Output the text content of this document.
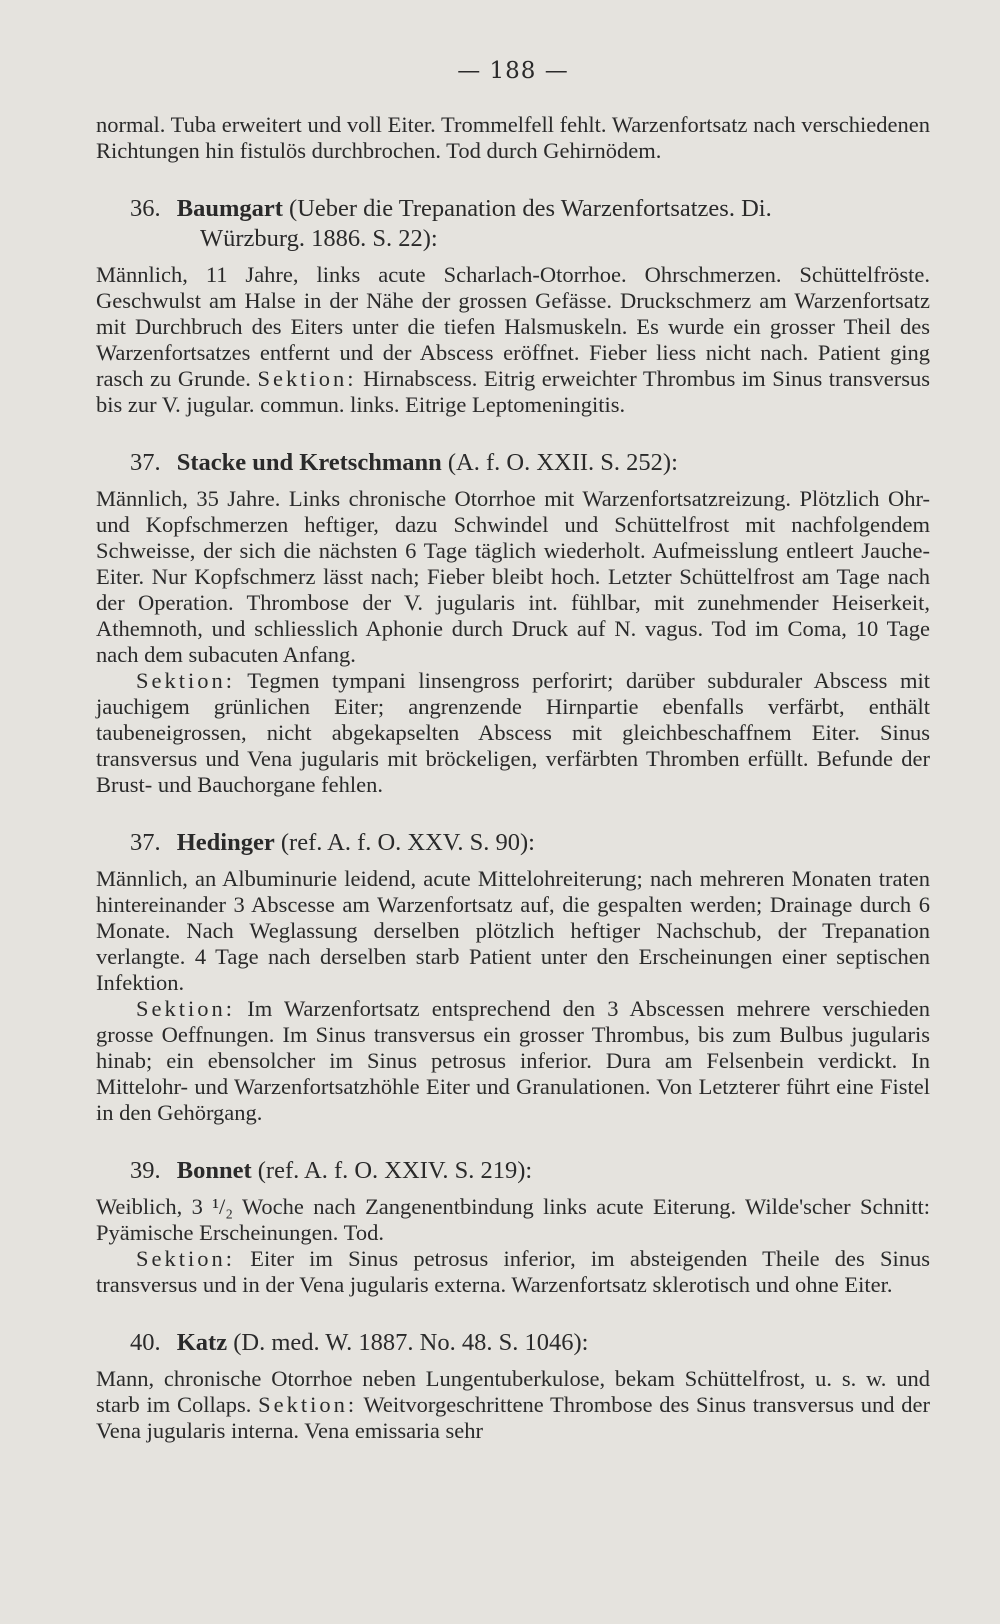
— 188 —

normal. Tuba erweitert und voll Eiter. Trommelfell fehlt. Warzenfortsatz nach verschiedenen Richtungen hin fistulös durchbrochen. Tod durch Gehirnödem.

36. Baumgart (Ueber die Trepanation des Warzenfortsatzes. Di.
Würzburg. 1886. S. 22):

Männlich, 11 Jahre, links acute Scharlach-Otorrhoe. Ohrschmerzen. Schüttelfröste. Geschwulst am Halse in der Nähe der grossen Gefässe. Druckschmerz am Warzenfortsatz mit Durchbruch des Eiters unter die tiefen Halsmuskeln. Es wurde ein grosser Theil des Warzenfortsatzes entfernt und der Abscess eröffnet. Fieber liess nicht nach. Patient ging rasch zu Grunde. Sektion: Hirnabscess. Eitrig erweichter Thrombus im Sinus transversus bis zur V. jugular. commun. links. Eitrige Leptomeningitis.

37. Stacke und Kretschmann (A. f. O. XXII. S. 252):

Männlich, 35 Jahre. Links chronische Otorrhoe mit Warzenfortsatzreizung. Plötzlich Ohr- und Kopfschmerzen heftiger, dazu Schwindel und Schüttelfrost mit nachfolgendem Schweisse, der sich die nächsten 6 Tage täglich wiederholt. Aufmeisslung entleert Jauche-Eiter. Nur Kopfschmerz lässt nach; Fieber bleibt hoch. Letzter Schüttelfrost am Tage nach der Operation. Thrombose der V. jugularis int. fühlbar, mit zunehmender Heiserkeit, Athemnoth, und schliesslich Aphonie durch Druck auf N. vagus. Tod im Coma, 10 Tage nach dem subacuten Anfang.

Sektion: Tegmen tympani linsengross perforirt; darüber subduraler Abscess mit jauchigem grünlichen Eiter; angrenzende Hirnpartie ebenfalls verfärbt, enthält taubeneigrossen, nicht abgekapselten Abscess mit gleichbeschaffnem Eiter. Sinus transversus und Vena jugularis mit bröckeligen, verfärbten Thromben erfüllt. Befunde der Brust- und Bauchorgane fehlen.

37. Hedinger (ref. A. f. O. XXV. S. 90):

Männlich, an Albuminurie leidend, acute Mittelohreiterung; nach mehreren Monaten traten hintereinander 3 Abscesse am Warzenfortsatz auf, die gespalten werden; Drainage durch 6 Monate. Nach Weglassung derselben plötzlich heftiger Nachschub, der Trepanation verlangte. 4 Tage nach derselben starb Patient unter den Erscheinungen einer septischen Infektion.

Sektion: Im Warzenfortsatz entsprechend den 3 Abscessen mehrere verschieden grosse Oeffnungen. Im Sinus transversus ein grosser Thrombus, bis zum Bulbus jugularis hinab; ein ebensolcher im Sinus petrosus inferior. Dura am Felsenbein verdickt. In Mittelohr- und Warzenfortsatzhöhle Eiter und Granulationen. Von Letzterer führt eine Fistel in den Gehörgang.

39. Bonnet (ref. A. f. O. XXIV. S. 219):

Weiblich, 3 ¹/₂ Woche nach Zangenentbindung links acute Eiterung. Wilde'scher Schnitt: Pyämische Erscheinungen. Tod.

Sektion: Eiter im Sinus petrosus inferior, im absteigenden Theile des Sinus transversus und in der Vena jugularis externa. Warzenfortsatz sklerotisch und ohne Eiter.

40. Katz (D. med. W. 1887. No. 48. S. 1046):

Mann, chronische Otorrhoe neben Lungentuberkulose, bekam Schüttelfrost, u. s. w. und starb im Collaps. Sektion: Weitvorgeschrittene Thrombose des Sinus transversus und der Vena jugularis interna. Vena emissaria sehr
